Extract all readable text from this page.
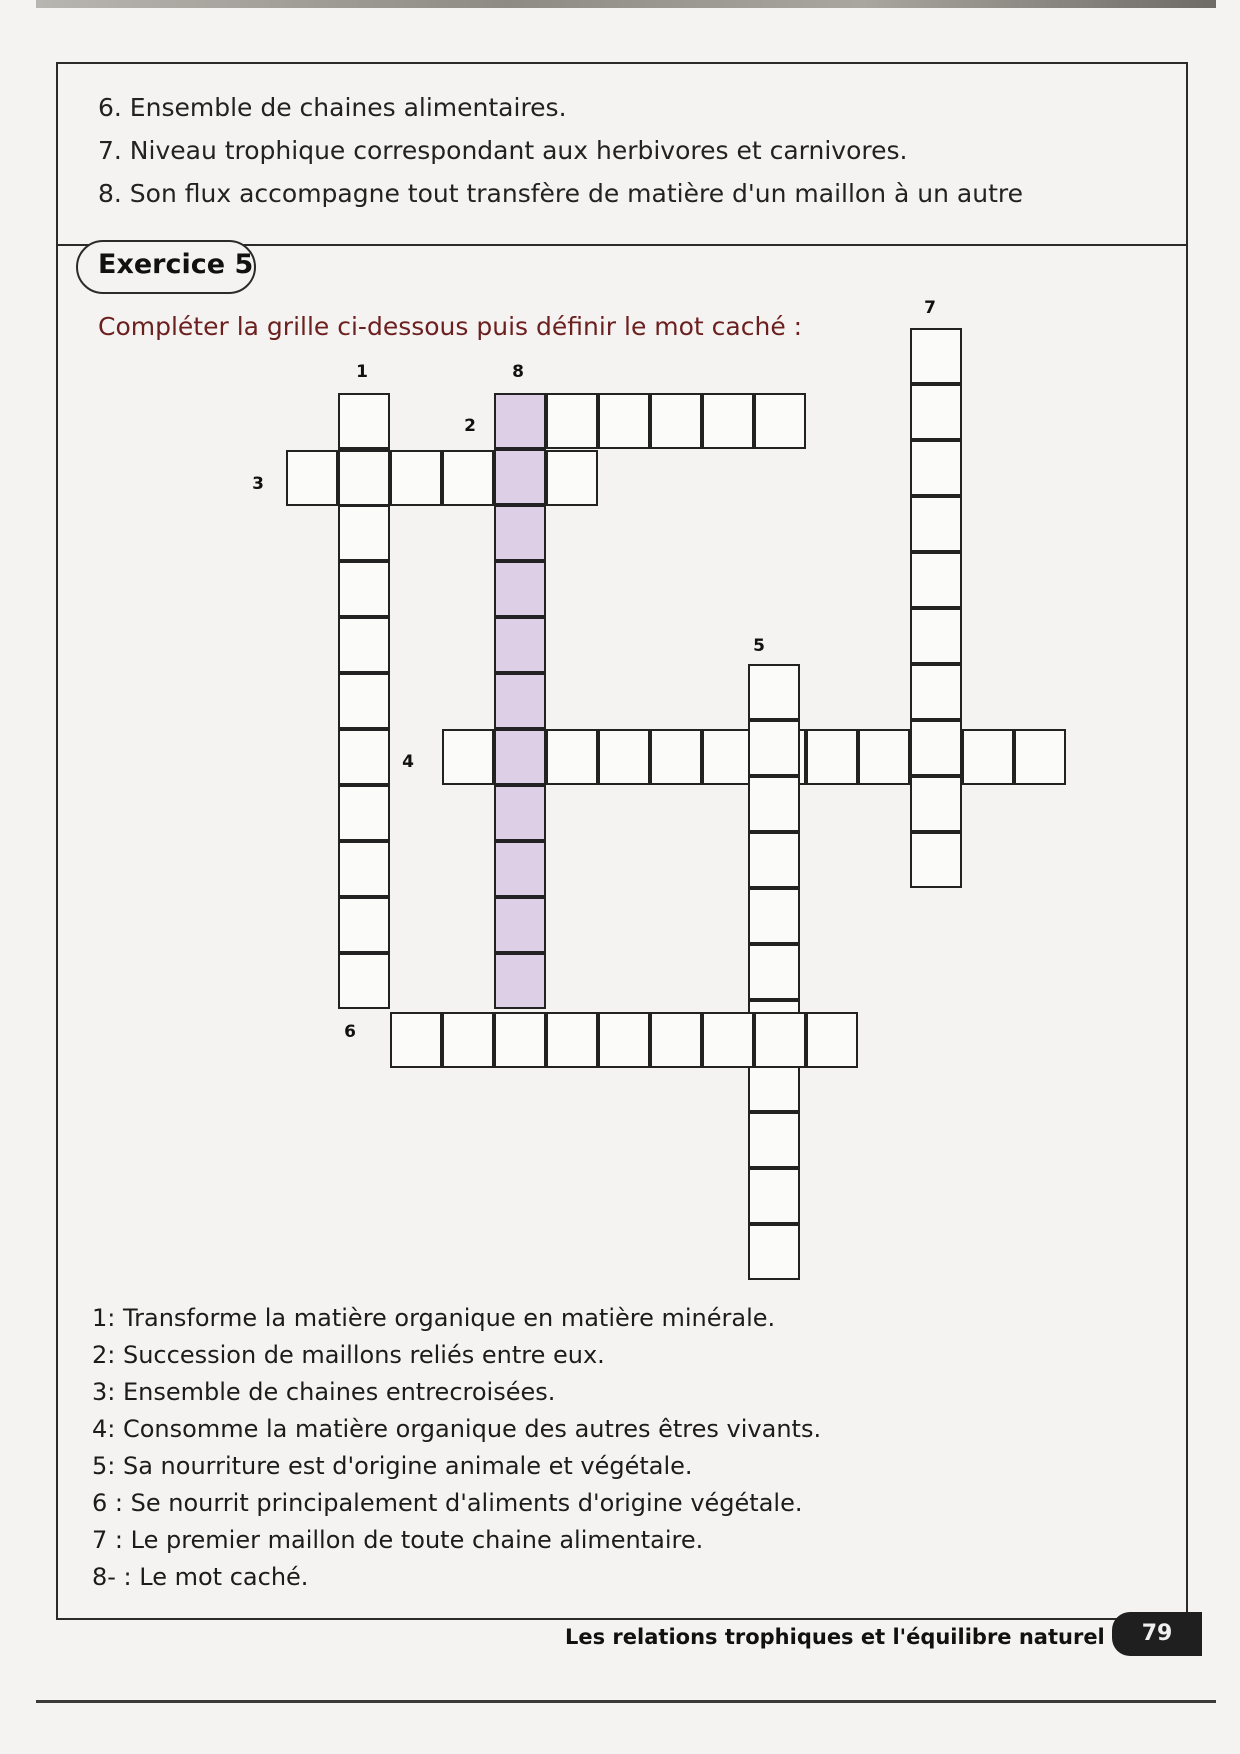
6. Ensemble de chaines alimentaires.
7. Niveau trophique correspondant aux herbivores et carnivores.
8. Son flux accompagne tout transfère de matière d'un maillon à un autre
Exercice 5
Compléter la grille ci-dessous puis définir le mot caché :
1
2
3
4
5
6
7
8
1: Transforme la matière organique en matière minérale.
2: Succession de maillons reliés entre eux.
3: Ensemble de chaines entrecroisées.
4: Consomme la matière organique des autres êtres vivants.
5: Sa nourriture est d'origine animale et végétale.
6 : Se nourrit principalement d'aliments d'origine végétale.
7 : Le premier maillon de toute chaine alimentaire.
8- : Le mot caché.
Les relations trophiques et l'équilibre naturel	79
